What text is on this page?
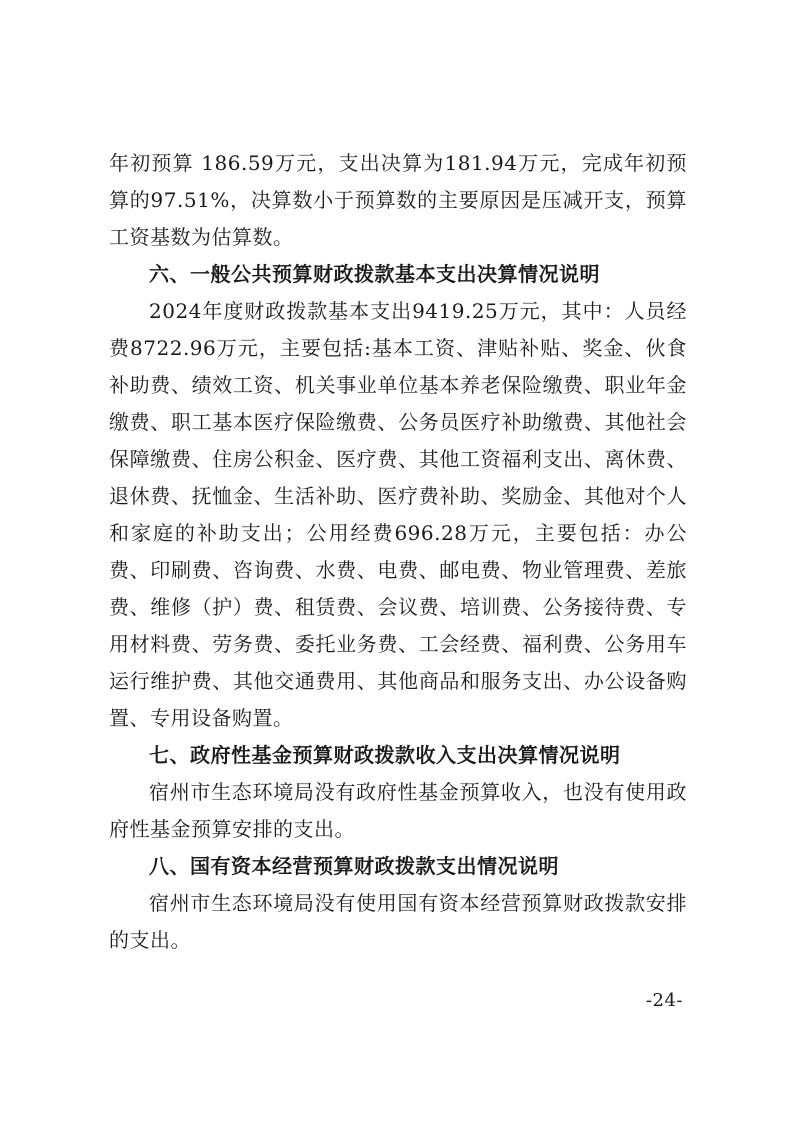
年初预算 186.59万元，支出决算为181.94万元，完成年初预算的97.51%，决算数小于预算数的主要原因是压减开支，预算工资基数为估算数。

六、一般公共预算财政拨款基本支出决算情况说明

2024年度财政拨款基本支出9419.25万元，其中：人员经费8722.96万元，主要包括:基本工资、津贴补贴、奖金、伙食补助费、绩效工资、机关事业单位基本养老保险缴费、职业年金缴费、职工基本医疗保险缴费、公务员医疗补助缴费、其他社会保障缴费、住房公积金、医疗费、其他工资福利支出、离休费、退休费、抚恤金、生活补助、医疗费补助、奖励金、其他对个人和家庭的补助支出；公用经费696.28万元，主要包括：办公费、印刷费、咨询费、水费、电费、邮电费、物业管理费、差旅费、维修（护）费、租赁费、会议费、培训费、公务接待费、专用材料费、劳务费、委托业务费、工会经费、福利费、公务用车运行维护费、其他交通费用、其他商品和服务支出、办公设备购置、专用设备购置。

七、政府性基金预算财政拨款收入支出决算情况说明

宿州市生态环境局没有政府性基金预算收入，也没有使用政府性基金预算安排的支出。

八、国有资本经营预算财政拨款支出情况说明

宿州市生态环境局没有使用国有资本经营预算财政拨款安排的支出。

-24-
